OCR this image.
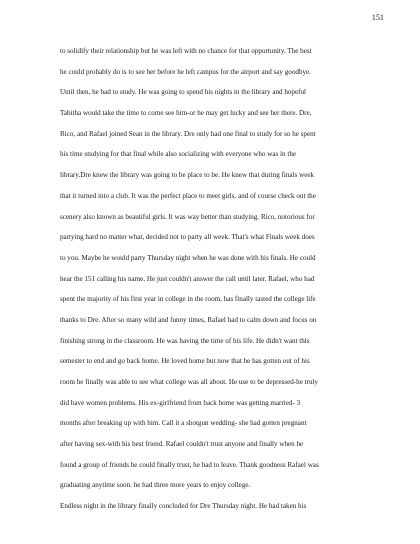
151
to solidify their relationship but he was left with no chance for that opportunity. The best
he could probably do is to see her before he left campus for the airport and say goodbye.
Until then, he had to study. He was going to spend his nights in the library and hopeful
Tabitha would take the time to come see him-or he may get lucky and see her there. Dre,
Rico, and Rafael joined Sean in the library. Dre only had one final to study for so he spent
his time studying for that final while also socializing with everyone who was in the
library.Dre knew the library was going to be place to be. He knew that during finals week
that it turned into a club. It was the perfect place to meet girls, and of course check out the
scenery also known as beautiful girls. It was way better than studying. Rico, notorious for
partying hard no matter what, decided not to party all week. That's what Finals week does
to you. Maybe he would party Thursday night when he was done with his finals. He could
hear the 151 calling his name. He just couldn't answer the call until later. Rafael, who had
spent the majority of his first year in college in the room, has finally tasted the college life
thanks to Dre. After so many wild and funny times, Rafael had to calm down and focus on
finishing strong in the classroom. He was having the time of his life. He didn't want this
semester to end and go back home. He loved home but now that he has gotten out of his
room he finally was able to see what college was all about. He use to be depressed-he truly
did have women problems. His ex-girlfriend from back home was getting married- 3
months after breaking up with him. Call it a shotgun wedding- she had gotten pregnant
after having sex-with his best friend. Rafael couldn't trust anyone and finally when he
found a group of friends he could finally trust, he had to leave. Thank goodness Rafael was
graduating anytime soon. he had three more years to enjoy college.
Endless night in the library finally concluded for Dre Thursday night. He had taken his
